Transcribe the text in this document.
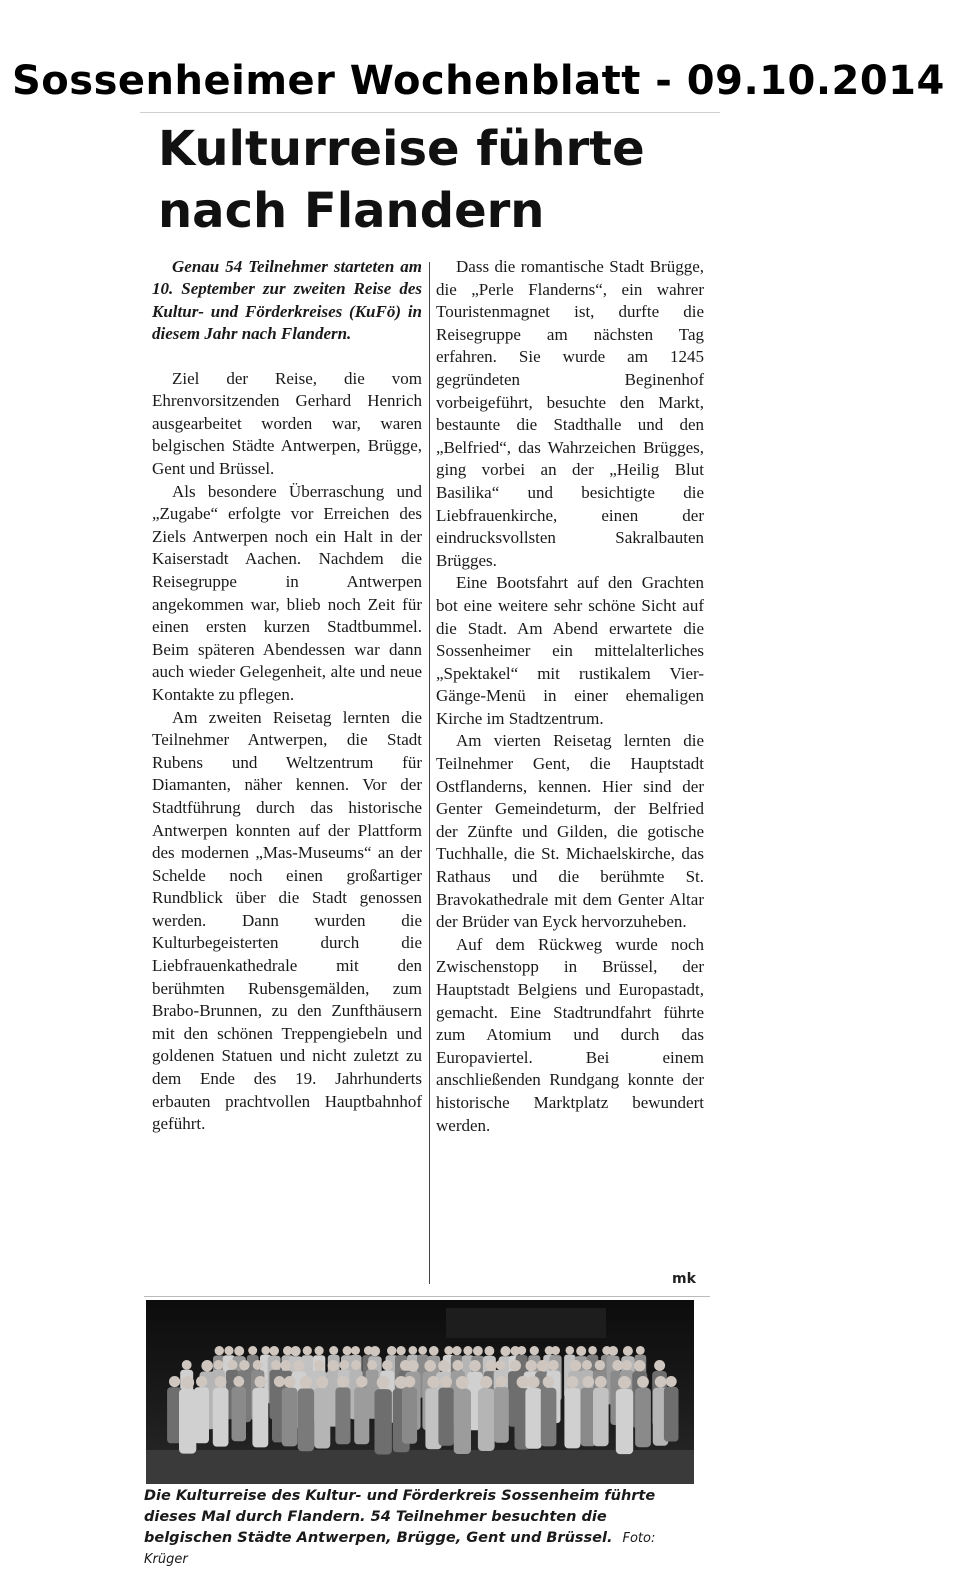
Sossenheimer Wochenblatt - 09.10.2014
Kulturreise führte
nach Flandern

Genau 54 Teilnehmer starteten am 10. September zur zweiten Reise des Kultur- und Förderkreises (KuFö) in diesem Jahr nach Flandern.

Ziel der Reise, die vom Ehrenvorsitzenden Gerhard Henrich ausgearbeitet worden war, waren belgischen Städte Antwerpen, Brügge, Gent und Brüssel.

Als besondere Überraschung und „Zugabe“ erfolgte vor Erreichen des Ziels Antwerpen noch ein Halt in der Kaiserstadt Aachen. Nachdem die Reisegruppe in Antwerpen angekommen war, blieb noch Zeit für einen ersten kurzen Stadtbummel. Beim späteren Abendessen war dann auch wieder Gelegenheit, alte und neue Kontakte zu pflegen.

Am zweiten Reisetag lernten die Teilnehmer Antwerpen, die Stadt Rubens und Weltzentrum für Diamanten, näher kennen. Vor der Stadtführung durch das historische Antwerpen konnten auf der Plattform des modernen „Mas-Museums“ an der Schelde noch einen großartiger Rundblick über die Stadt genossen werden. Dann wurden die Kulturbegeisterten durch die Liebfrauenkathedrale mit den berühmten Rubensgemälden, zum Brabo-Brunnen, zu den Zunfthäusern mit den schönen Treppengiebeln und goldenen Statuen und nicht zuletzt zu dem Ende des 19. Jahrhunderts erbauten prachtvollen Hauptbahnhof geführt.

Dass die romantische Stadt Brügge, die „Perle Flanderns“, ein wahrer Touristenmagnet ist, durfte die Reisegruppe am nächsten Tag erfahren. Sie wurde am 1245 gegründeten Beginenhof vorbeigeführt, besuchte den Markt, bestaunte die Stadthalle und den „Belfried“, das Wahrzeichen Brügges, ging vorbei an der „Heilig Blut Basilika“ und besichtigte die Liebfrauenkirche, einen der eindrucksvollsten Sakralbauten Brügges.

Eine Bootsfahrt auf den Grachten bot eine weitere sehr schöne Sicht auf die Stadt. Am Abend erwartete die Sossenheimer ein mittelalterliches „Spektakel“ mit rustikalem Vier-Gänge-Menü in einer ehemaligen Kirche im Stadtzentrum.

Am vierten Reisetag lernten die Teilnehmer Gent, die Hauptstadt Ostflanderns, kennen. Hier sind der Genter Gemeindeturm, der Belfried der Zünfte und Gilden, die gotische Tuchhalle, die St. Michaelskirche, das Rathaus und die berühmte St. Bravokathedrale mit dem Genter Altar der Brüder van Eyck hervorzuheben.

Auf dem Rückweg wurde noch Zwischenstopp in Brüssel, der Hauptstadt Belgiens und Europastadt, gemacht. Eine Stadtrundfahrt führte zum Atomium und durch das Europaviertel. Bei einem anschließenden Rundgang konnte der historische Marktplatz bewundert werden.

mk
Die Kulturreise des Kultur- und Förderkreis Sossenheim führte dieses Mal durch Flandern. 54 Teilnehmer besuchten die belgischen Städte Antwerpen, Brügge, Gent und Brüssel. Foto: Krüger
